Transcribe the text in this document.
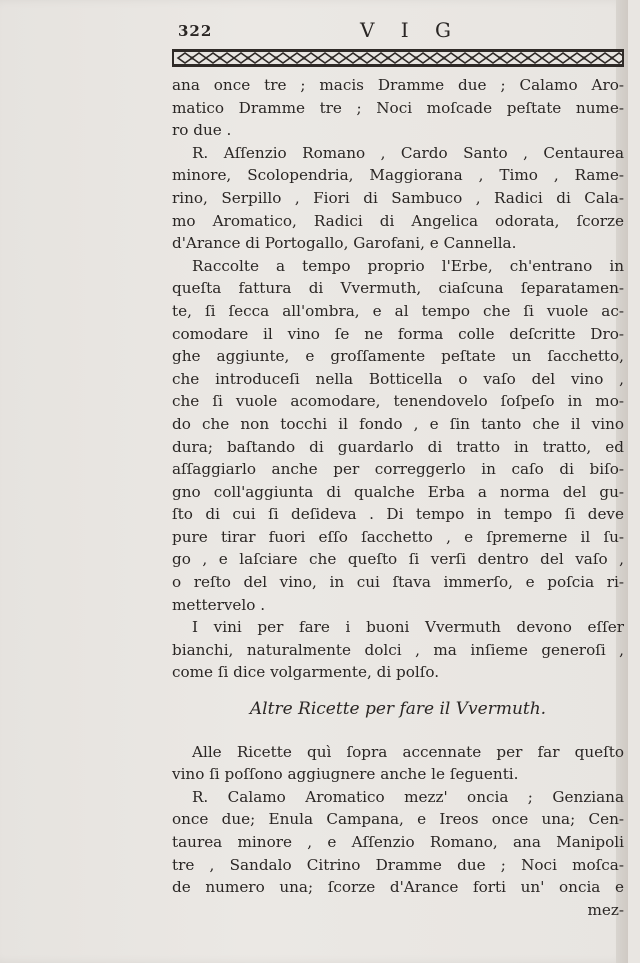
322	V I G
ana once tre ; macis Dramme due ; Calamo Aro-
matico Dramme tre ; Noci moſcade peſtate nume-
ro due .
R. Aſſenzio Romano , Cardo Santo , Centaurea
minore, Scolopendria, Maggiorana , Timo , Rame-
rino, Serpillo , Fiori di Sambuco , Radici di Cala-
mo Aromatico, Radici di Angelica odorata, ſcorze
d'Arance di Portogallo, Garofani, e Cannella.
Raccolte a tempo proprio l'Erbe, ch'entrano in
queſta fattura di Vvermuth, ciaſcuna ſeparatamen-
te, ſi ſecca all'ombra, e al tempo che ſi vuole ac-
comodare il vino ſe ne forma colle deſcritte Dro-
ghe aggiunte, e groſſamente peſtate un ſacchetto,
che introduceſi nella Botticella o vaſo del vino ,
che ſi vuole acomodare, tenendovelo ſoſpeſo in mo-
do che non tocchi il fondo , e ſin tanto che il vino
dura; baſtando di guardarlo di tratto in tratto, ed
aſſaggiarlo anche per correggerlo in caſo di biſo-
gno coll'aggiunta di qualche Erba a norma del gu-
ſto di cui ſi deſideva . Di tempo in tempo ſi deve
pure tirar fuori eſſo ſacchetto , e ſpremerne il ſu-
go , e laſciare che queſto ſi verſi dentro del vaſo ,
o reſto del vino, in cui ſtava immerſo, e poſcia ri-
mettervelo .
I vini per fare i buoni Vvermuth devono eſſer
bianchi, naturalmente dolci , ma inſieme generoſi ,
come ſi dice volgarmente, di polſo.
Altre Ricette per fare il Vvermuth.
Alle Ricette quì ſopra accennate per far queſto
vino ſi poſſono aggiugnere anche le ſeguenti.
R. Calamo Aromatico mezz' oncia ; Genziana
once due; Enula Campana, e Ireos once una; Cen-
taurea minore , e Aſſenzio Romano, ana Manipoli
tre , Sandalo Citrino Dramme due ; Noci moſca-
de numero una; ſcorze d'Arance forti un' oncia e
mez-
